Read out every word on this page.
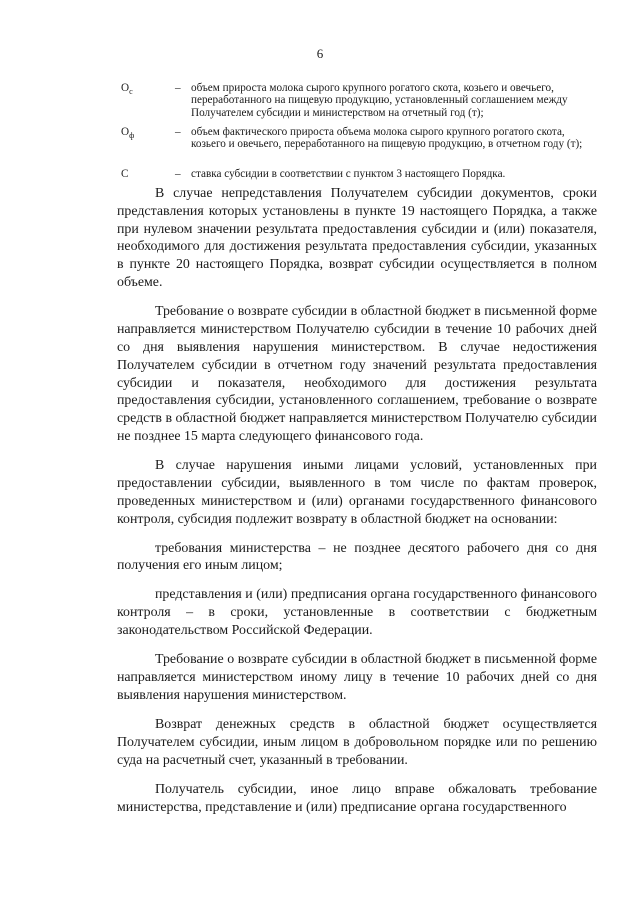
6
$O_c$	– объем прироста молока сырого крупного рогатого скота, козьего и овечьего, переработанного на пищевую продукцию, установленный соглашением между Получателем субсидии и министерством на отчетный год (т);
$O_ф$	– объем фактического прироста объема молока сырого крупного рогатого скота, козьего и овечьего, переработанного на пищевую продукцию, в отчетном году (т);
С	– ставка субсидии в соответствии с пунктом 3 настоящего Порядка.

В случае непредставления Получателем субсидии документов, сроки представления которых установлены в пункте 19 настоящего Порядка, а также при нулевом значении результата предоставления субсидии и (или) показателя, необходимого для достижения результата предоставления субсидии, указанных в пункте 20 настоящего Порядка, возврат субсидии осуществляется в полном объеме.

Требование о возврате субсидии в областной бюджет в письменной форме направляется министерством Получателю субсидии в течение 10 рабочих дней со дня выявления нарушения министерством. В случае недостижения Получателем субсидии в отчетном году значений результата предоставления субсидии и показателя, необходимого для достижения результата предоставления субсидии, установленного соглашением, требование о возврате средств в областной бюджет направляется министерством Получателю субсидии не позднее 15 марта следующего финансового года.

В случае нарушения иными лицами условий, установленных при предоставлении субсидии, выявленного в том числе по фактам проверок, проведенных министерством и (или) органами государственного финансового контроля, субсидия подлежит возврату в областной бюджет на основании:

требования министерства – не позднее десятого рабочего дня со дня получения его иным лицом;

представления и (или) предписания органа государственного финансового контроля – в сроки, установленные в соответствии с бюджетным законодательством Российской Федерации.

Требование о возврате субсидии в областной бюджет в письменной форме направляется министерством иному лицу в течение 10 рабочих дней со дня выявления нарушения министерством.

Возврат денежных средств в областной бюджет осуществляется Получателем субсидии, иным лицом в добровольном порядке или по решению суда на расчетный счет, указанный в требовании.

Получатель субсидии, иное лицо вправе обжаловать требование министерства, представление и (или) предписание органа государственного
